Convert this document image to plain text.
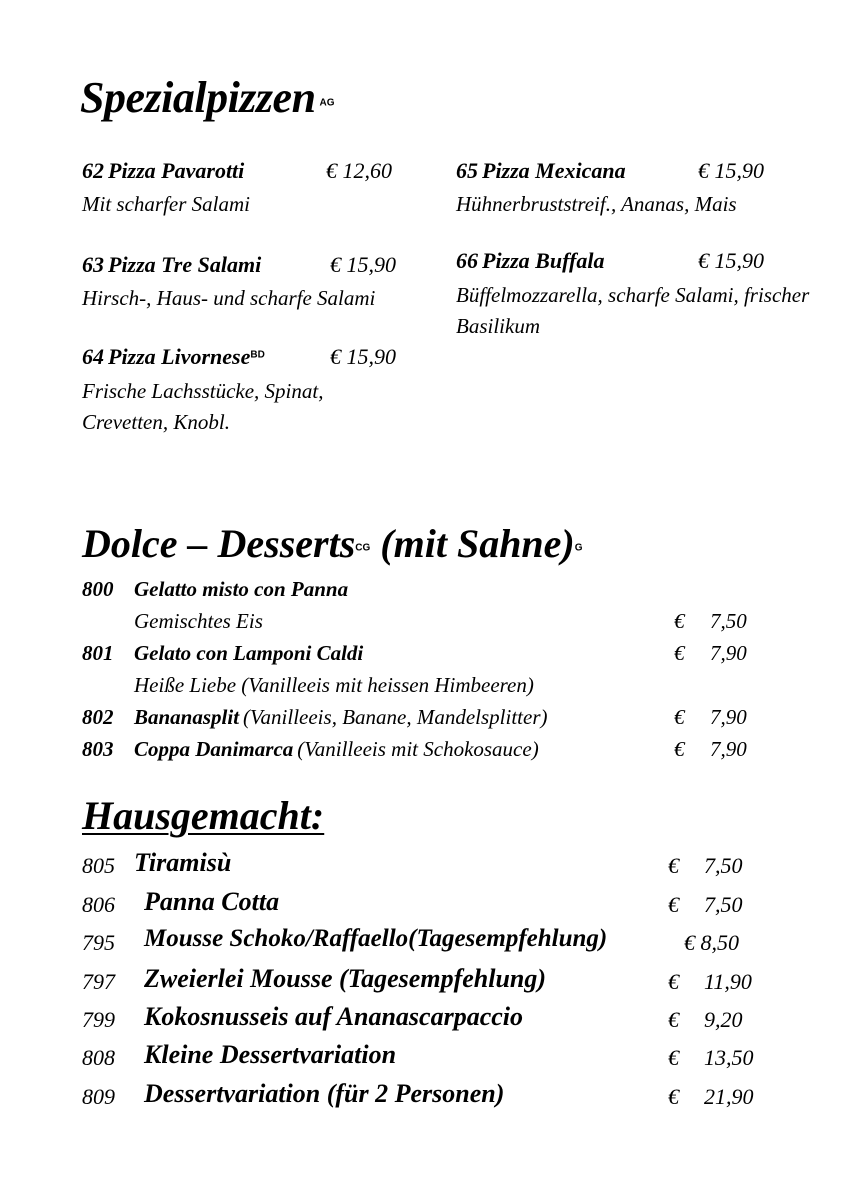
Spezialpizzen $^{AG}$
62 Pizza Pavarotti	€ 12,60
Mit scharfer Salami
63 Pizza Tre Salami	€ 15,90
Hirsch-, Haus- und scharfe Salami
64 Pizza Livornese$^{BD}$	€ 15,90
Frische Lachsstücke, Spinat, Crevetten, Knobl.
65 Pizza Mexicana	€ 15,90
Hühnerbruststreif., Ananas, Mais
66 Pizza Buffala	€ 15,90
Büffelmozzarella, scharfe Salami, frischer Basilikum
Dolce – Desserts$^{CG}$ (mit Sahne)$^G$
800 Gelatto misto con Panna
Gemischtes Eis	€ 7,50
801 Gelato con Lamponi Caldi	€ 7,90
Heiße Liebe (Vanilleeis mit heissen Himbeeren)
802 Bananasplit (Vanilleeis, Banane, Mandelsplitter)	€ 7,90
803 Coppa Danimarca (Vanilleeis mit Schokosauce)	€ 7,90
Hausgemacht:
805 Tiramisù	€ 7,50
806 Panna Cotta	€ 7,50
795 Mousse Schoko/Raffaello(Tagesempfehlung)	€ 8,50
797 Zweierlei Mousse (Tagesempfehlung)	€ 11,90
799 Kokosnusseis auf Ananascarpaccio	€ 9,20
808 Kleine Dessertvariation	€ 13,50
809 Dessertvariation (für 2 Personen)	€ 21,90
